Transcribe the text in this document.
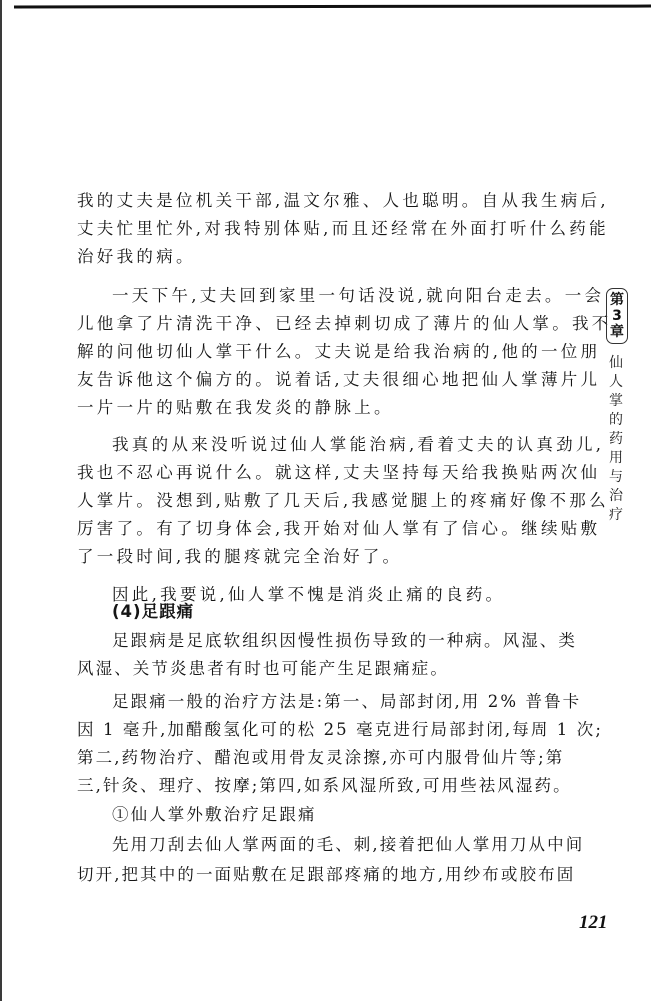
我的丈夫是位机关干部,温文尔雅、人也聪明。自从我生病后,
丈夫忙里忙外,对我特别体贴,而且还经常在外面打听什么药能
治好我的病。
一天下午,丈夫回到家里一句话没说,就向阳台走去。一会
儿他拿了片清洗干净、已经去掉刺切成了薄片的仙人掌。我不
解的问他切仙人掌干什么。丈夫说是给我治病的,他的一位朋
友告诉他这个偏方的。说着话,丈夫很细心地把仙人掌薄片儿
一片一片的贴敷在我发炎的静脉上。
我真的从来没听说过仙人掌能治病,看着丈夫的认真劲儿,
我也不忍心再说什么。就这样,丈夫坚持每天给我换贴两次仙
人掌片。没想到,贴敷了几天后,我感觉腿上的疼痛好像不那么
厉害了。有了切身体会,我开始对仙人掌有了信心。继续贴敷
了一段时间,我的腿疼就完全治好了。
因此,我要说,仙人掌不愧是消炎止痛的良药。
(4)足跟痛
足跟病是足底软组织因慢性损伤导致的一种病。风湿、类
风湿、关节炎患者有时也可能产生足跟痛症。
足跟痛一般的治疗方法是:第一、局部封闭,用 2% 普鲁卡
因 1 毫升,加醋酸氢化可的松 25 毫克进行局部封闭,每周 1 次;
第二,药物治疗、醋泡或用骨友灵涂擦,亦可内服骨仙片等;第
三,针灸、理疗、按摩;第四,如系风湿所致,可用些祛风湿药。
①仙人掌外敷治疗足跟痛
先用刀刮去仙人掌两面的毛、刺,接着把仙人掌用刀从中间
切开,把其中的一面贴敷在足跟部疼痛的地方,用纱布或胶布固
第
3
章
仙
人
掌
的
药
用
与
治
疗
121
